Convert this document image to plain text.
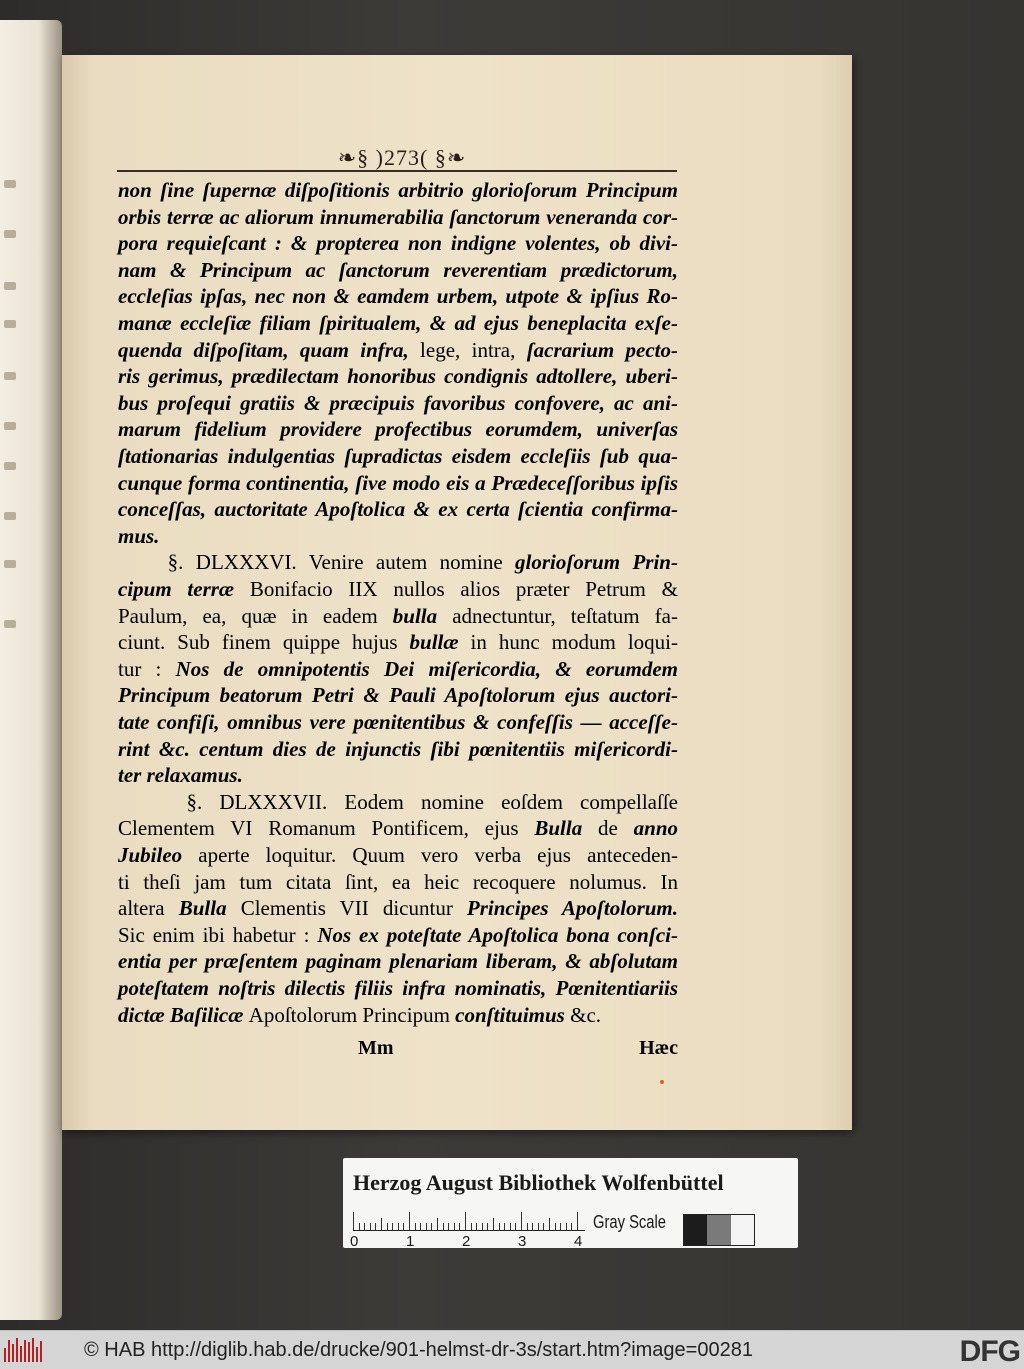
❧§ )273( §❧
non ſine ſupernæ diſpoſitionis arbitrio glorioſorum Principum
orbis terræ ac aliorum innumerabilia ſanctorum veneranda cor-
pora requieſcant : & propterea non indigne volentes, ob divi-
nam & Principum ac ſanctorum reverentiam prædictorum,
eccleſias ipſas, nec non & eamdem urbem, utpote & ipſius Ro-
manæ eccleſiæ filiam ſpiritualem, & ad ejus beneplacita exſe-
quenda diſpoſitam, quam infra, lege, intra, ſacrarium pecto-
ris gerimus, prædilectam honoribus condignis adtollere, uberi-
bus proſequi gratiis & præcipuis favoribus confovere, ac ani-
marum fidelium providere profectibus eorumdem, univerſas
ſtationarias indulgentias ſupradictas eisdem eccleſiis ſub qua-
cunque forma continentia, ſive modo eis a Prædeceſſoribus ipſis
conceſſas, auctoritate Apoſtolica & ex certa ſcientia confirma-
mus.
§. DLXXXVI. Venire autem nomine glorioſorum Prin-
cipum terræ Bonifacio IIX nullos alios præter Petrum &
Paulum, ea, quæ in eadem bulla adnectuntur, teſtatum fa-
ciunt. Sub finem quippe hujus bullæ in hunc modum loqui-
tur : Nos de omnipotentis Dei miſericordia, & eorumdem
Principum beatorum Petri & Pauli Apoſtolorum ejus auctori-
tate confiſi, omnibus vere pœnitentibus & confeſſis — acceſſe-
rint &c. centum dies de injunctis ſibi pœnitentiis miſericordi-
ter relaxamus.
§. DLXXXVII. Eodem nomine eoſdem compellaſſe
Clementem VI Romanum Pontificem, ejus Bulla de anno
Jubileo aperte loquitur. Quum vero verba ejus anteceden-
ti theſi jam tum citata ſint, ea heic recoquere nolumus. In
altera Bulla Clementis VII dicuntur Principes Apoſtolorum.
Sic enim ibi habetur : Nos ex poteſtate Apoſtolica bona conſci-
entia per præſentem paginam plenariam liberam, & abſolutam
poteſtatem noſtris dilectis filiis infra nominatis, Pœnitentiariis
dictæ Baſilicæ Apoſtolorum Principum conſtituimus &c.
Mm	Hæc
Herzog August Bibliothek Wolfenbüttel
0	1	2	3	4
Gray Scale
© HAB http://diglib.hab.de/drucke/901-helmst-dr-3s/start.htm?image=00281	DFG
